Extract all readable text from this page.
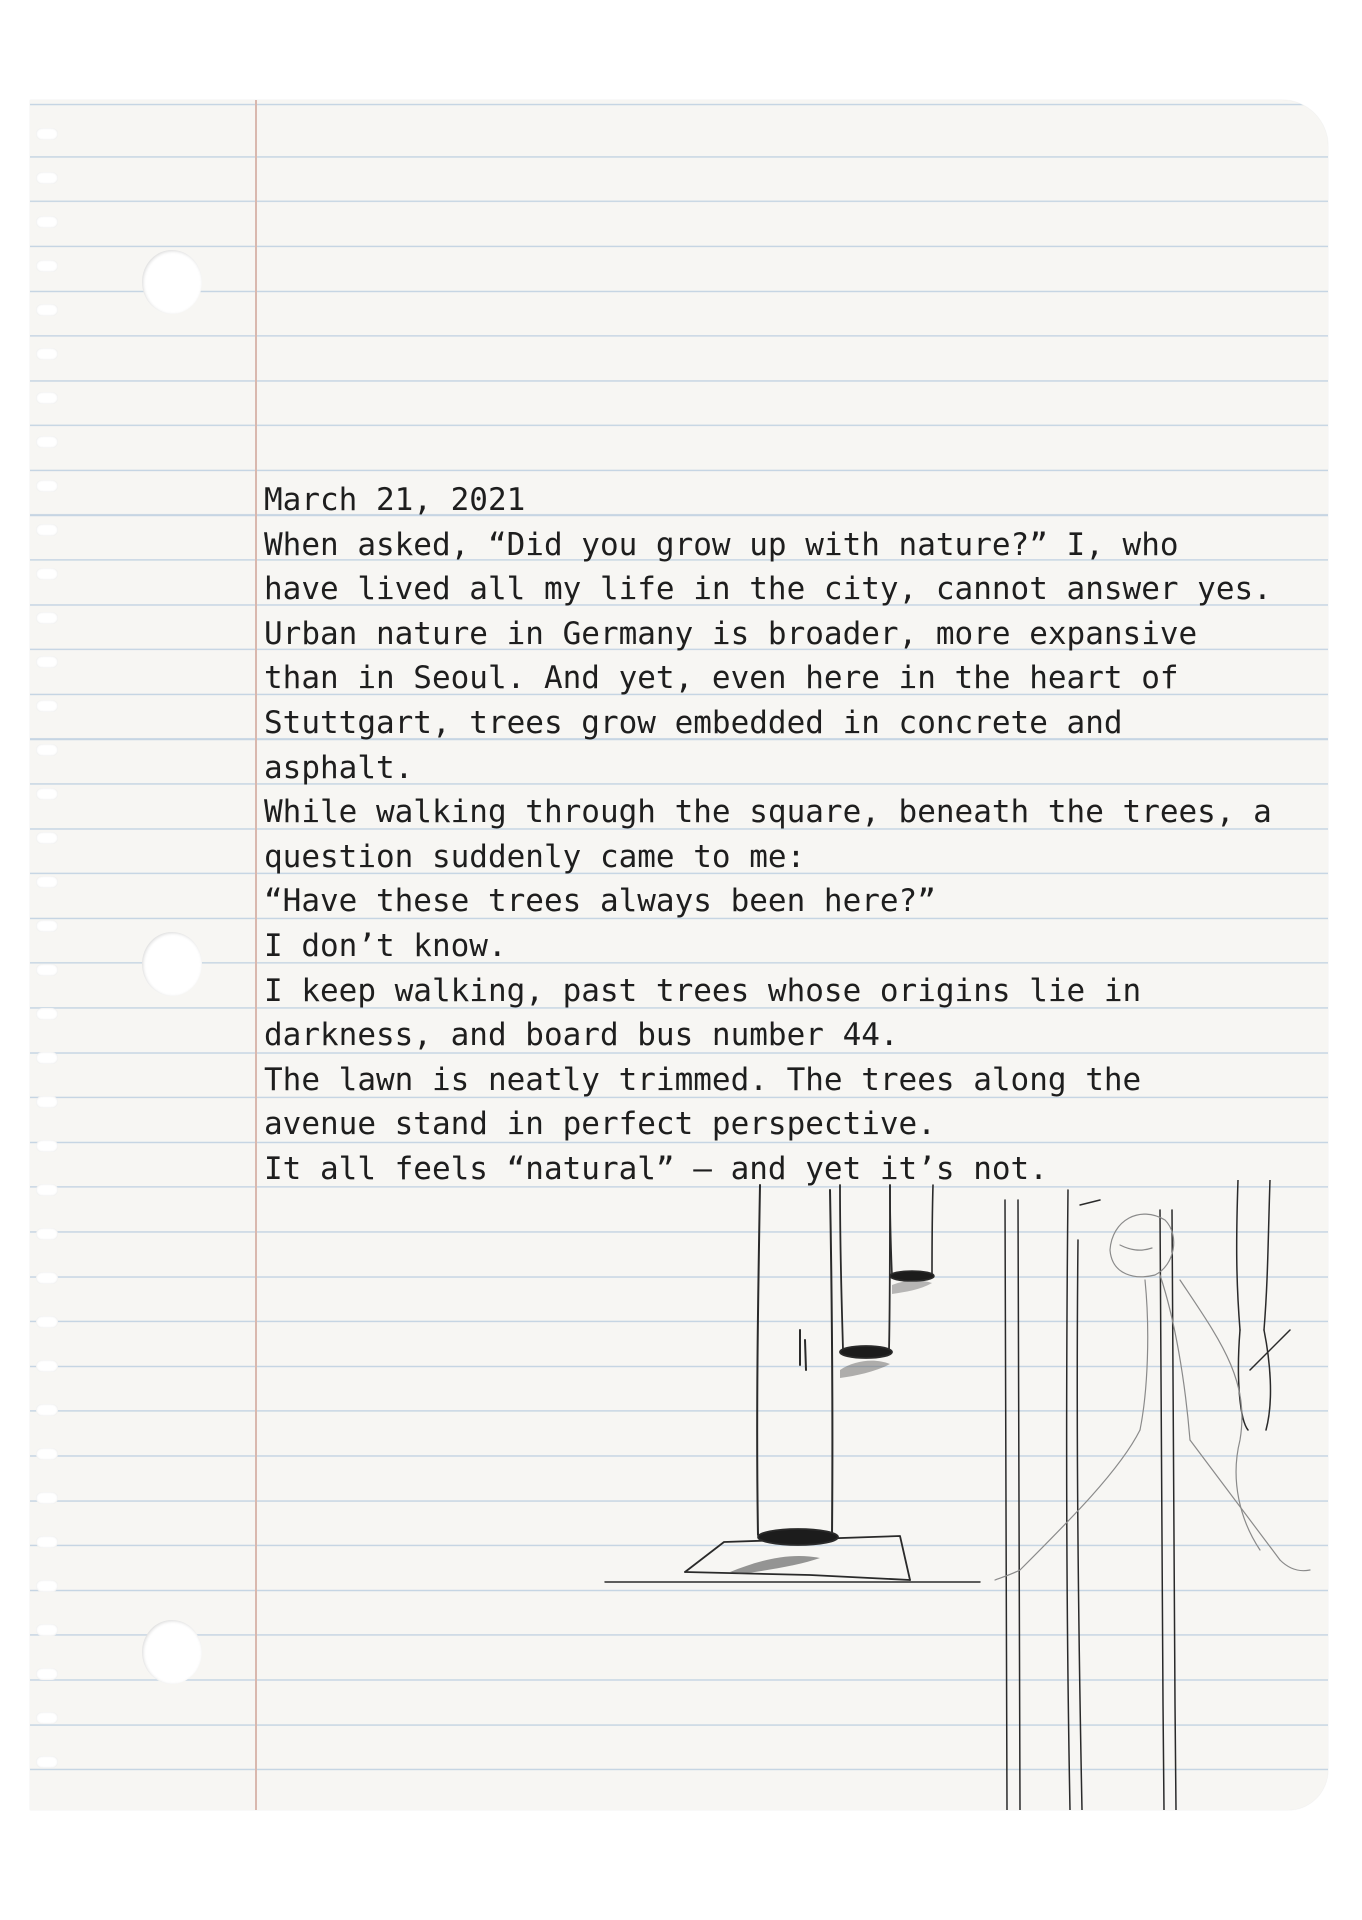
March 21, 2021
When asked, “Did you grow up with nature?” I, who
have lived all my life in the city, cannot answer yes.
Urban nature in Germany is broader, more expansive
than in Seoul. And yet, even here in the heart of
Stuttgart, trees grow embedded in concrete and
asphalt.
While walking through the square, beneath the trees, a
question suddenly came to me:
“Have these trees always been here?”
I don’t know.
I keep walking, past trees whose origins lie in
darkness, and board bus number 44.
The lawn is neatly trimmed. The trees along the
avenue stand in perfect perspective.
It all feels “natural” — and yet it’s not.
